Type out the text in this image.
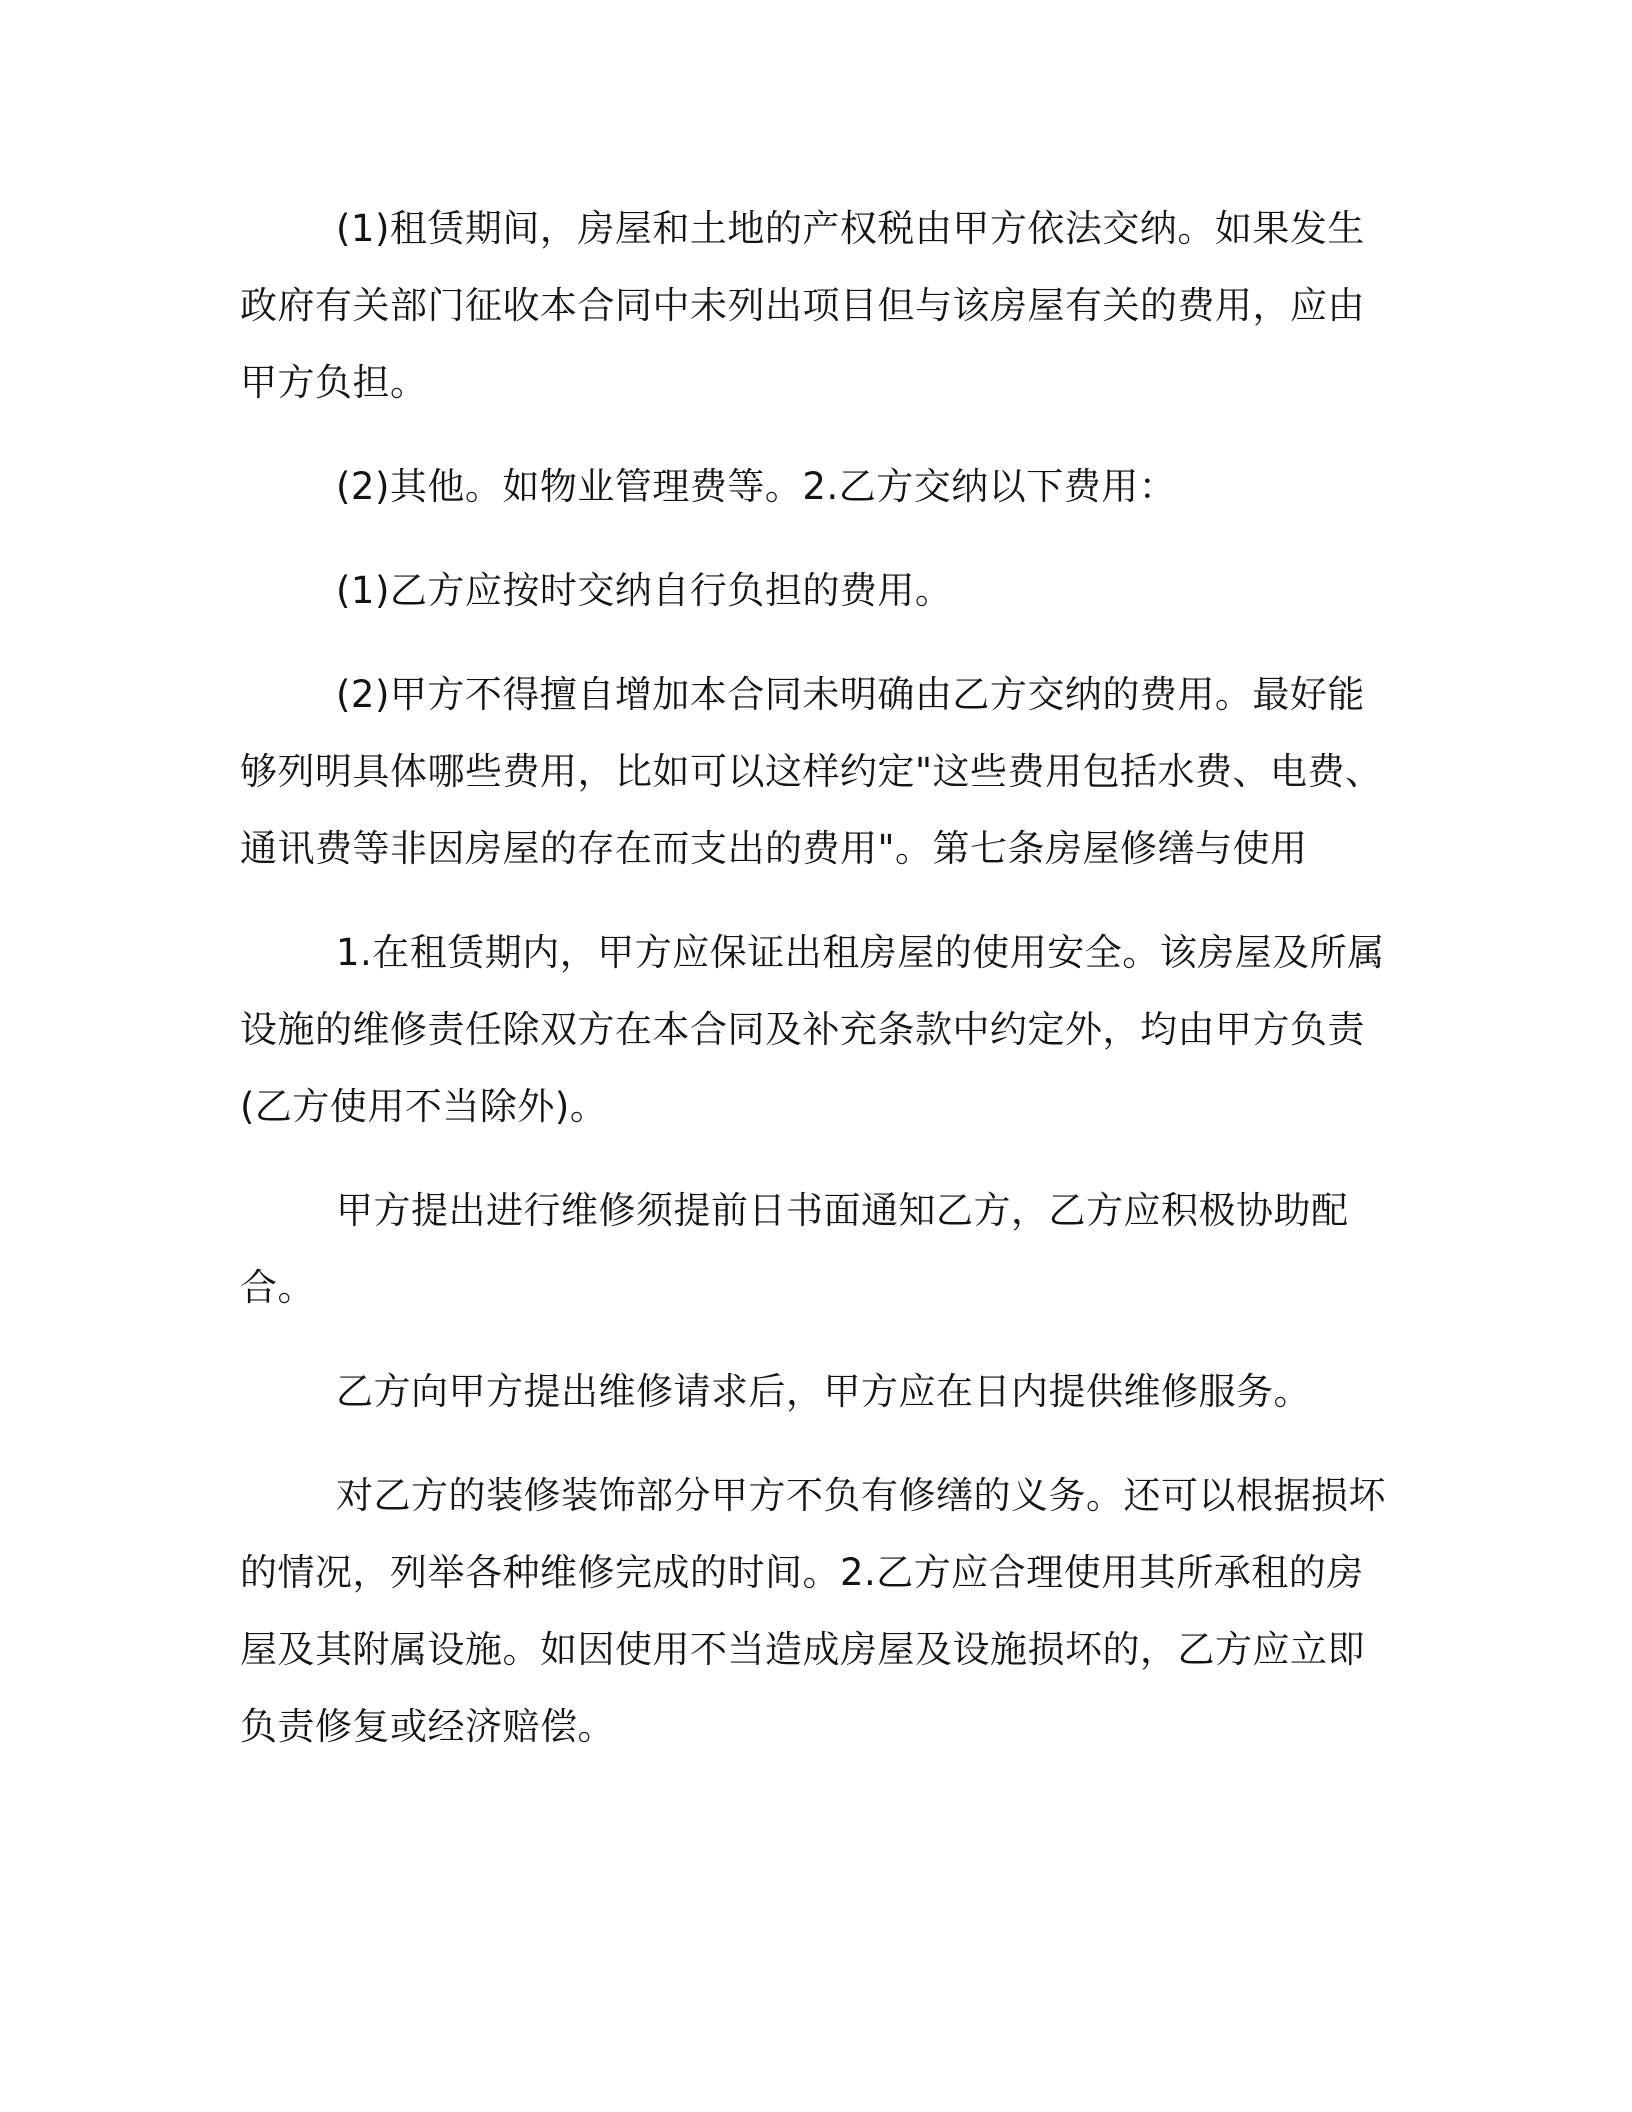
(1)租赁期间，房屋和土地的产权税由甲方依法交纳。如果发生政府有关部门征收本合同中未列出项目但与该房屋有关的费用，应由甲方负担。

(2)其他。如物业管理费等。2.乙方交纳以下费用：

(1)乙方应按时交纳自行负担的费用。

(2)甲方不得擅自增加本合同未明确由乙方交纳的费用。最好能够列明具体哪些费用，比如可以这样约定"这些费用包括水费、电费、通讯费等非因房屋的存在而支出的费用"。第七条房屋修缮与使用

1.在租赁期内，甲方应保证出租房屋的使用安全。该房屋及所属设施的维修责任除双方在本合同及补充条款中约定外，均由甲方负责(乙方使用不当除外)。

甲方提出进行维修须提前日书面通知乙方，乙方应积极协助配合。

乙方向甲方提出维修请求后，甲方应在日内提供维修服务。

对乙方的装修装饰部分甲方不负有修缮的义务。还可以根据损坏的情况，列举各种维修完成的时间。2.乙方应合理使用其所承租的房屋及其附属设施。如因使用不当造成房屋及设施损坏的，乙方应立即负责修复或经济赔偿。
